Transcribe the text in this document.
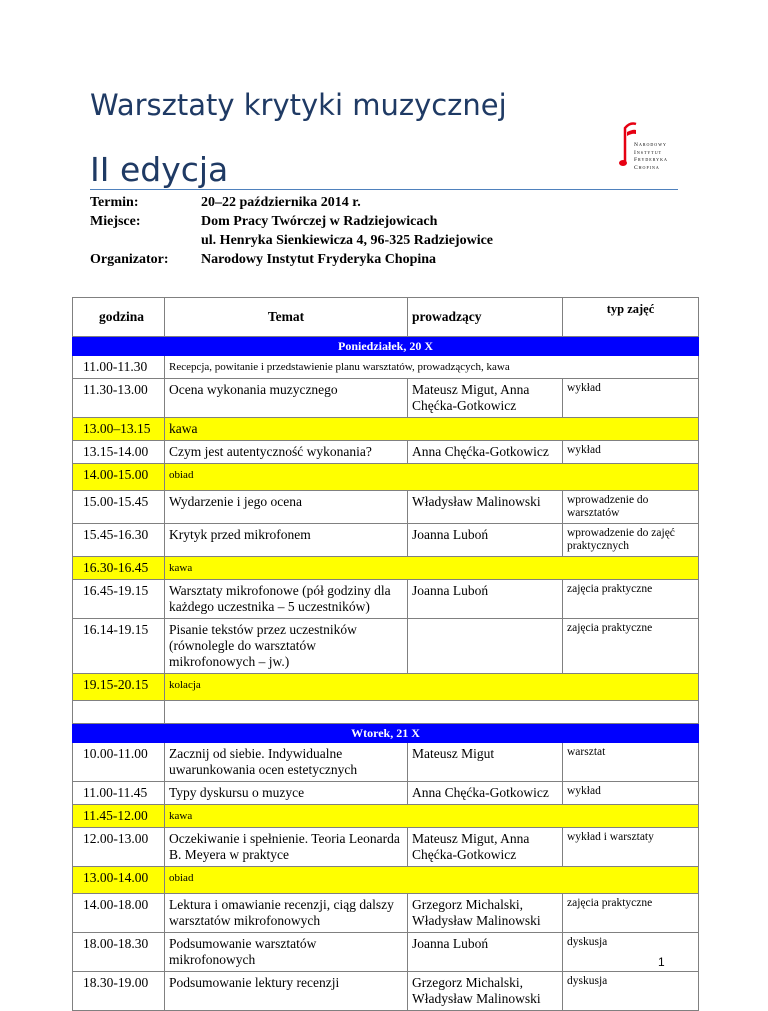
Warsztaty krytyki muzycznej
II edycja
Narodowy
Instytut
Fryderyka
Chopina
Termin:	20–22 października 2014 r.
Miejsce:	Dom Pracy Twórczej w Radziejowicach
ul. Henryka Sienkiewicza 4, 96-325 Radziejowice
Organizator: Narodowy Instytut Fryderyka Chopina
godzina	Temat	prowadzący	typ zajęć
Poniedziałek, 20 X			
11.00-11.30	Recepcja, powitanie i przedstawienie planu warsztatów, prowadzących, kawa		
11.30-13.00	Ocena wykonania muzycznego	Mateusz Migut, Anna Chęćka-Gotkowicz	wykład
13.00–13.15	kawa		
13.15-14.00	Czym jest autentyczność wykonania?	Anna Chęćka-Gotkowicz	wykład
14.00-15.00	obiad		
15.00-15.45	Wydarzenie i jego ocena	Władysław Malinowski	wprowadzenie do warsztatów
15.45-16.30	Krytyk przed mikrofonem	Joanna Luboń	wprowadzenie do zajęć praktycznych
16.30-16.45	kawa		
16.45-19.15	Warsztaty mikrofonowe (pół godziny dla każdego uczestnika – 5 uczestników)	Joanna Luboń	zajęcia praktyczne
16.14-19.15	Pisanie tekstów przez uczestników (równolegle do warsztatów mikrofonowych – jw.)		zajęcia praktyczne
19.15-20.15	kolacja		

Wtorek, 21 X			
10.00-11.00	Zacznij od siebie. Indywidualne uwarunkowania ocen estetycznych	Mateusz Migut	warsztat
11.00-11.45	Typy dyskursu o muzyce	Anna Chęćka-Gotkowicz	wykład
11.45-12.00	kawa		
12.00-13.00	Oczekiwanie i spełnienie. Teoria Leonarda B. Meyera w praktyce	Mateusz Migut, Anna Chęćka-Gotkowicz	wykład i warsztaty
13.00-14.00	obiad		
14.00-18.00	Lektura i omawianie recenzji, ciąg dalszy warsztatów mikrofonowych	Grzegorz Michalski, Władysław Malinowski	zajęcia praktyczne
18.00-18.30	Podsumowanie warsztatów mikrofonowych	Joanna Luboń	dyskusja
18.30-19.00	Podsumowanie lektury recenzji	Grzegorz Michalski, Władysław Malinowski	dyskusja
1
